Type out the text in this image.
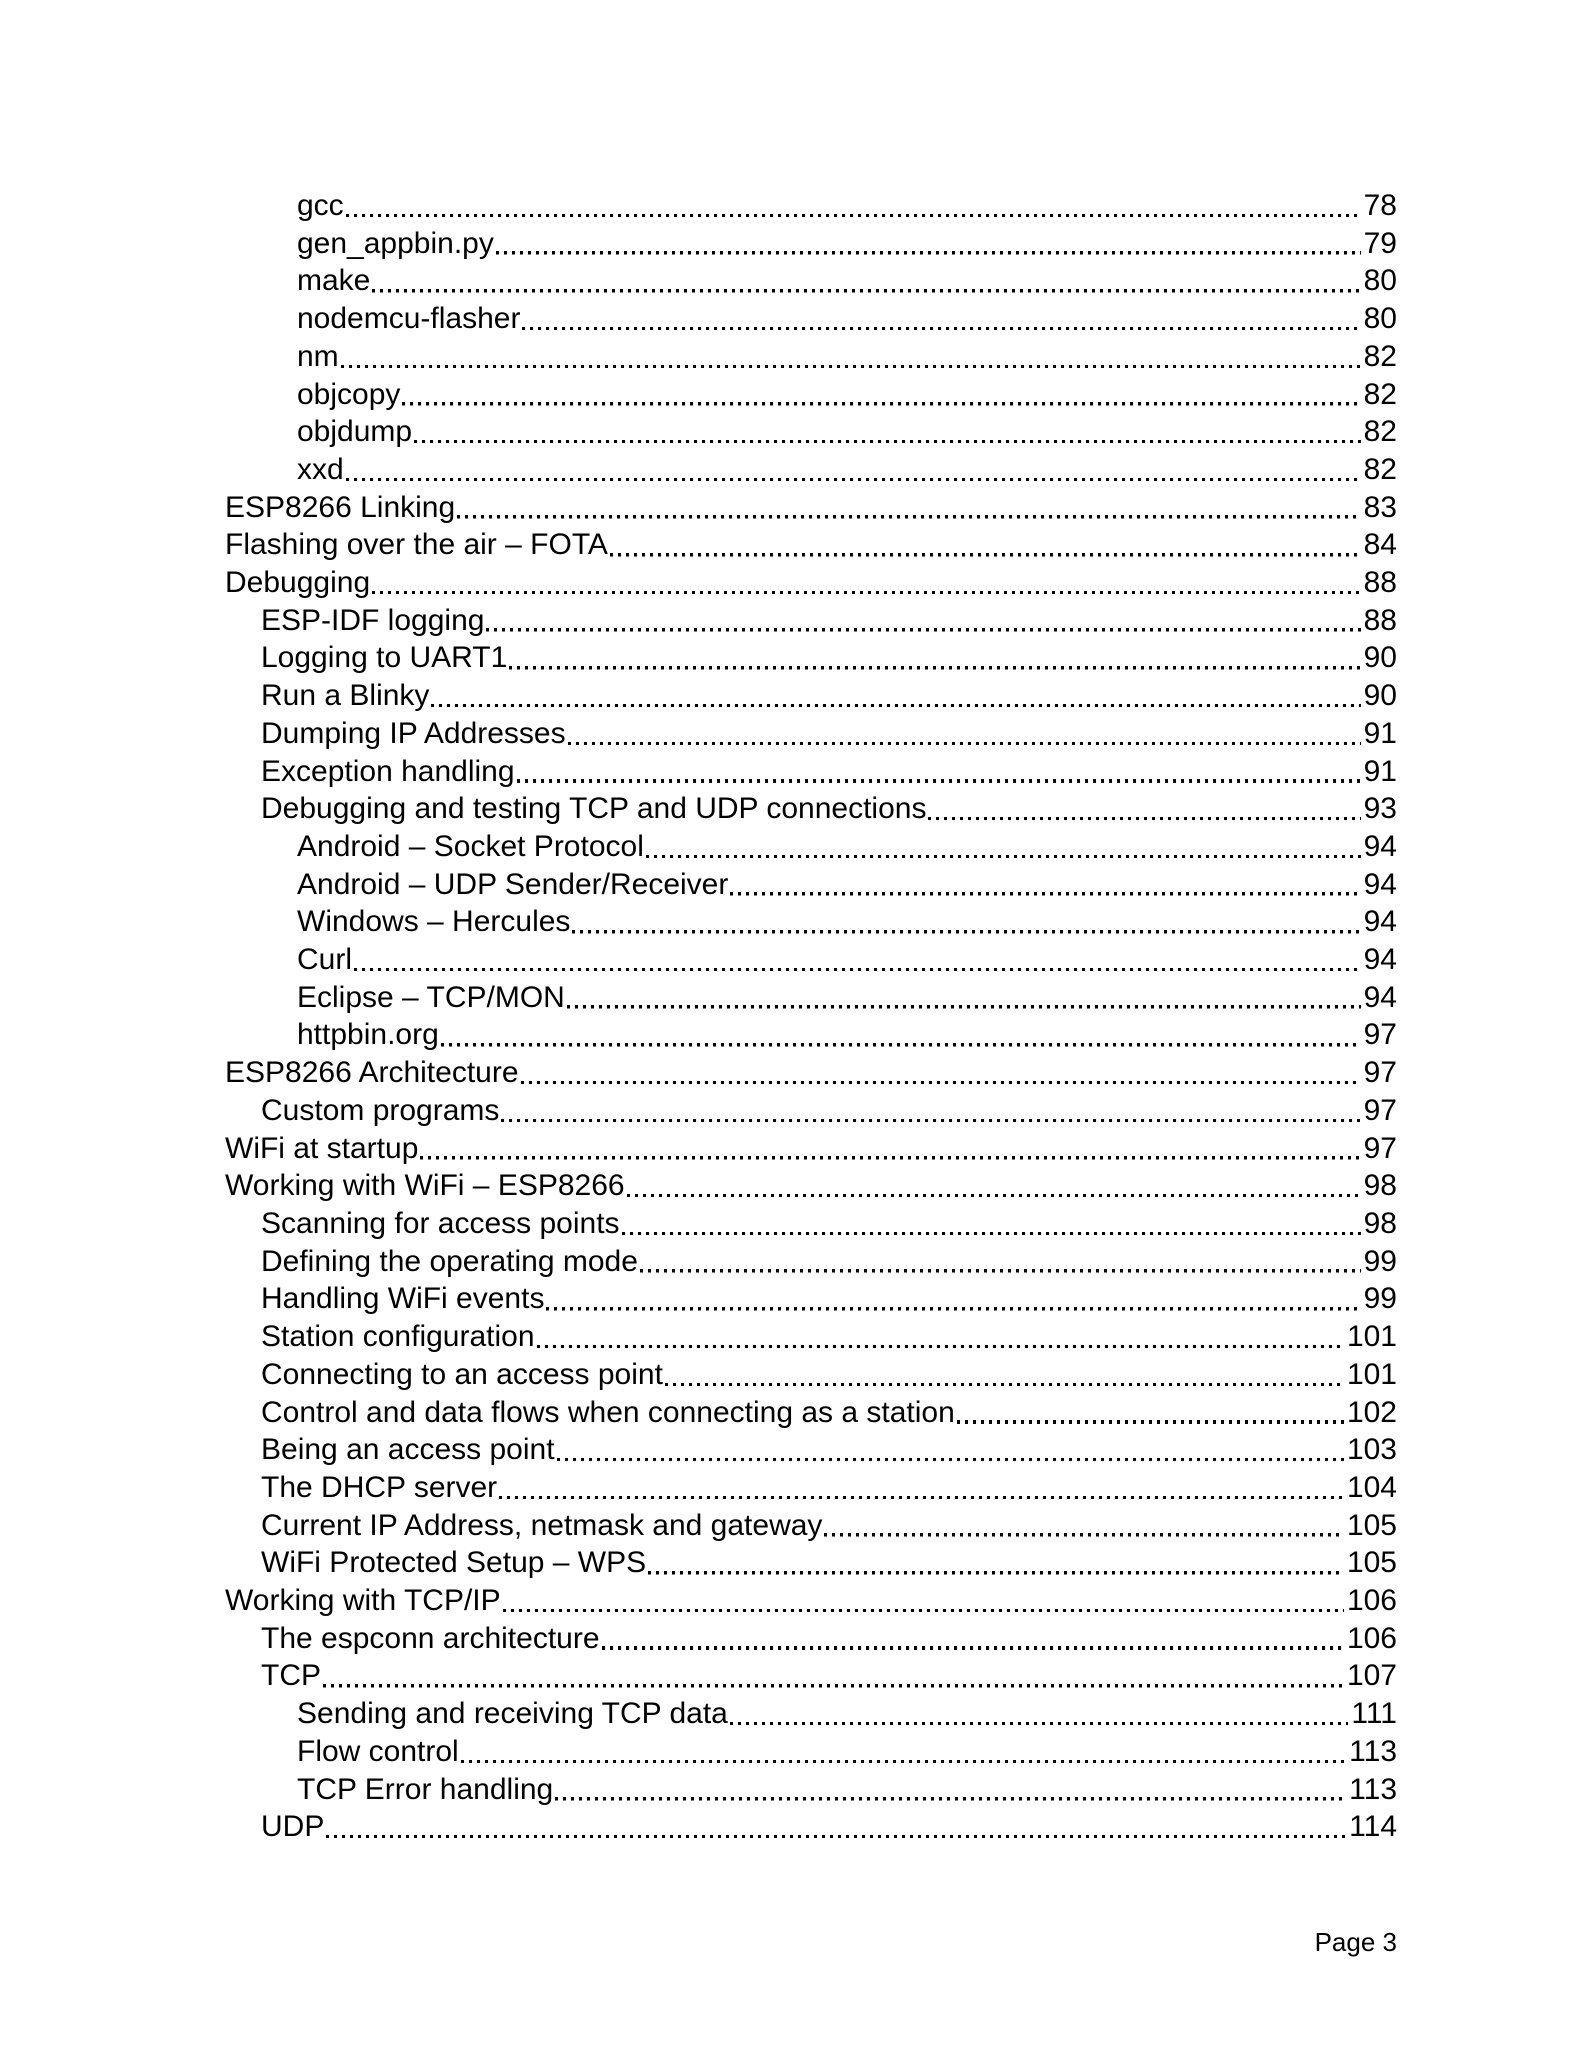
gcc	78
gen_appbin.py	79
make	80
nodemcu-flasher	80
nm	82
objcopy	82
objdump	82
xxd	82
ESP8266 Linking	83
Flashing over the air – FOTA	84
Debugging	88
ESP-IDF logging	88
Logging to UART1	90
Run a Blinky	90
Dumping IP Addresses	91
Exception handling	91
Debugging and testing TCP and UDP connections	93
Android – Socket Protocol	94
Android – UDP Sender/Receiver	94
Windows – Hercules	94
Curl	94
Eclipse – TCP/MON	94
httpbin.org	97
ESP8266 Architecture	97
Custom programs	97
WiFi at startup	97
Working with WiFi – ESP8266	98
Scanning for access points	98
Defining the operating mode	99
Handling WiFi events	99
Station configuration	101
Connecting to an access point	101
Control and data flows when connecting as a station	102
Being an access point	103
The DHCP server	104
Current IP Address, netmask and gateway	105
WiFi Protected Setup – WPS	105
Working with TCP/IP	106
The espconn architecture	106
TCP	107
Sending and receiving TCP data	111
Flow control	113
TCP Error handling	113
UDP	114
Page 3
